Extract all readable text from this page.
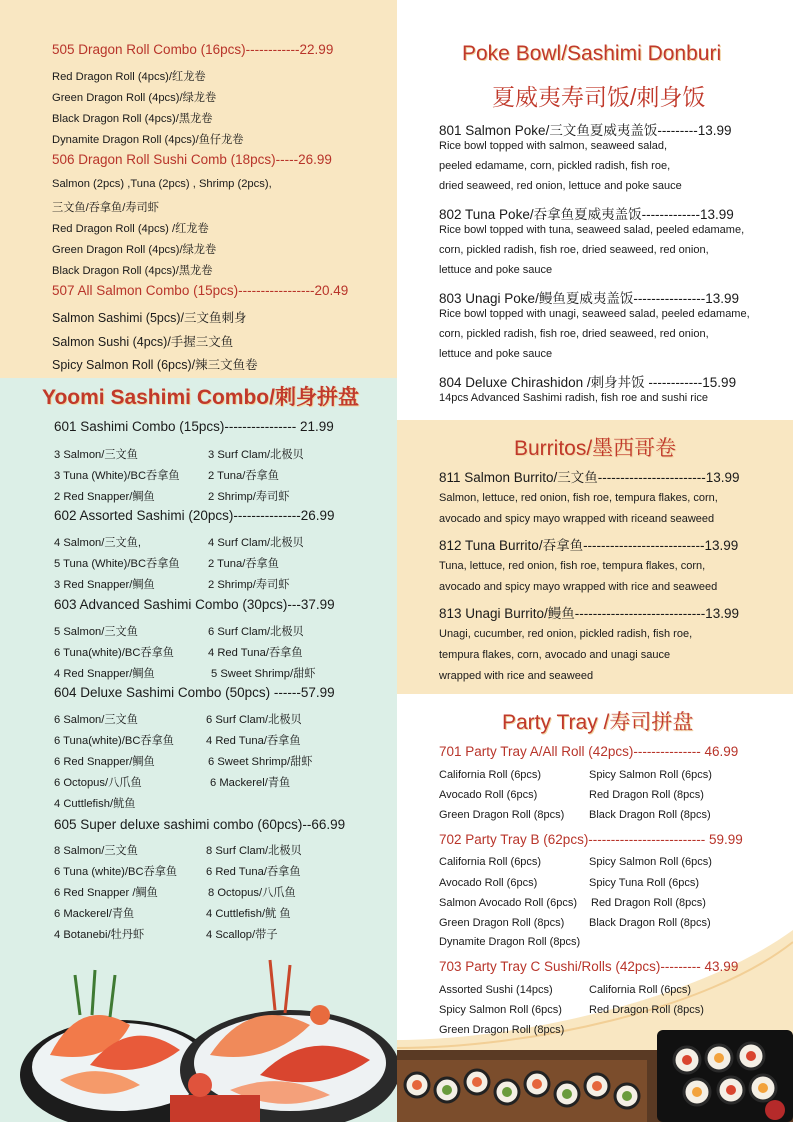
505 Dragon Roll Combo (16pcs)------------22.99
Red Dragon Roll (4pcs)/红龙卷
Green Dragon Roll (4pcs)/绿龙卷
Black Dragon Roll (4pcs)/黑龙卷
Dynamite Dragon Roll (4pcs)/鱼仔龙卷
506 Dragon Roll Sushi Comb (18pcs)-----26.99
Salmon (2pcs) ,Tuna (2pcs) , Shrimp (2pcs),
三文鱼/吞拿鱼/寿司虾
Red Dragon Roll (4pcs) /红龙卷
Green Dragon Roll (4pcs)/绿龙卷
Black Dragon Roll (4pcs)/黑龙卷
507 All Salmon Combo (15pcs)-----------------20.49
Salmon Sashimi (5pcs)/三文鱼刺身
Salmon Sushi (4pcs)/手握三文鱼
Spicy Salmon Roll (6pcs)/辣三文鱼卷
Yoomi Sashimi Combo/刺身拼盘
601 Sashimi Combo (15pcs)---------------- 21.99
3 Salmon/三文鱼
3 Tuna (White)/BC吞拿鱼
2 Red Snapper/鲷鱼
3 Surf Clam/北极贝
2 Tuna/吞拿鱼
2 Shrimp/寿司虾
602 Assorted Sashimi (20pcs)---------------26.99
4 Salmon/三文鱼,
5 Tuna (White)/BC吞拿鱼
3 Red Snapper/鲷鱼
4 Surf Clam/北极贝
2 Tuna/吞拿鱼
2 Shrimp/寿司虾
603 Advanced Sashimi Combo (30pcs)---37.99
5 Salmon/三文鱼
6 Tuna(white)/BC吞拿鱼
4 Red Snapper/鲷鱼
6 Surf Clam/北极贝
4 Red Tuna/吞拿鱼
5 Sweet Shrimp/甜虾
604 Deluxe Sashimi Combo (50pcs) ------57.99
6 Salmon/三文鱼
6 Tuna(white)/BC吞拿鱼
6 Red Snapper/鲷鱼
6 Octopus/八爪鱼
4 Cuttlefish/鱿鱼
6 Surf Clam/北极贝
4 Red Tuna/吞拿鱼
6 Sweet Shrimp/甜虾
6 Mackerel/青鱼
605 Super deluxe sashimi combo (60pcs)--66.99
8 Salmon/三文鱼
6 Tuna (white)/BC吞拿鱼
6 Red Snapper /鲷鱼
6 Mackerel/青鱼
4 Botanebi/牡丹虾
8 Surf Clam/北极贝
6 Red Tuna/吞拿鱼
8 Octopus/八爪鱼
4 Cuttlefish/鱿 鱼
4 Scallop/带子
Poke Bowl/Sashimi Donburi
夏威夷寿司饭/刺身饭
801 Salmon Poke/三文鱼夏威夷盖饭---------13.99
Rice bowl topped with salmon, seaweed salad,
peeled edamame, corn, pickled radish, fish roe,
dried seaweed, red onion, lettuce and poke sauce
802 Tuna Poke/吞拿鱼夏威夷盖饭-------------13.99
Rice bowl topped with tuna, seaweed salad, peeled edamame,
corn, pickled radish, fish roe, dried seaweed, red onion,
lettuce and poke sauce
803 Unagi Poke/鳗鱼夏威夷盖饭----------------13.99
Rice bowl topped with unagi, seaweed salad, peeled edamame,
corn, pickled radish, fish roe, dried seaweed, red onion,
lettuce and poke sauce
804 Deluxe Chirashidon /刺身丼饭 ------------15.99
14pcs Advanced Sashimi radish, fish roe and sushi rice
Burritos/墨西哥卷
811 Salmon Burrito/三文鱼------------------------13.99
Salmon, lettuce, red onion, fish roe, tempura flakes, corn,
avocado and spicy mayo wrapped with riceand seaweed
812 Tuna Burrito/吞拿鱼---------------------------13.99
Tuna, lettuce, red onion, fish roe, tempura flakes, corn,
avocado and spicy mayo wrapped with rice and seaweed
813 Unagi Burrito/鳗鱼-----------------------------13.99
Unagi, cucumber, red onion, pickled radish, fish roe,
tempura flakes, corn, avocado and unagi sauce
wrapped with rice and seaweed
Party Tray /寿司拼盘
701 Party Tray A/All Roll (42pcs)--------------- 46.99
California Roll (6pcs)
Avocado Roll (6pcs)
Green Dragon Roll (8pcs)
Spicy Salmon Roll (6pcs)
Red Dragon Roll (8pcs)
Black Dragon Roll (8pcs)
702 Party Tray B (62pcs)-------------------------- 59.99
California Roll (6pcs)
Avocado Roll (6pcs)
Salmon Avocado Roll (6pcs)
Green Dragon Roll (8pcs)
Dynamite Dragon Roll (8pcs)
Spicy Salmon Roll (6pcs)
Spicy Tuna Roll (6pcs)
Red Dragon Roll (8pcs)
Black Dragon Roll (8pcs)
703 Party Tray C Sushi/Rolls (42pcs)--------- 43.99
Assorted Sushi (14pcs)
Spicy Salmon Roll (6pcs)
Green Dragon Roll (8pcs)
California Roll (6pcs)
Red Dragon Roll (8pcs)
